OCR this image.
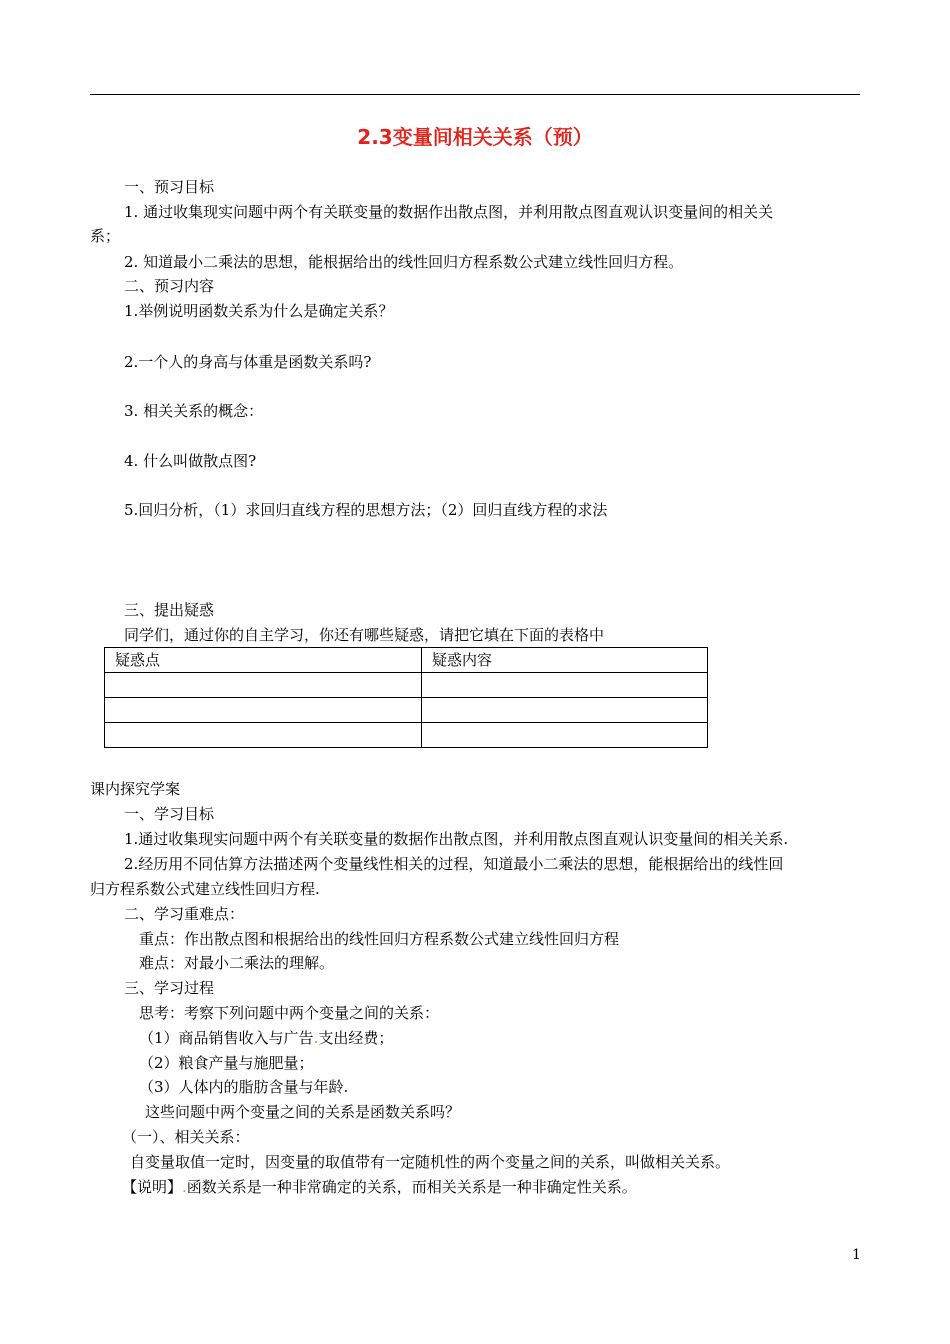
2.3变量间相关关系（预）
一、预习目标
1. 通过收集现实问题中两个有关联变量的数据作出散点图，并利用散点图直观认识变量间的相关关
系；
2. 知道最小二乘法的思想，能根据给出的线性回归方程系数公式建立线性回归方程。
二、预习内容
1.举例说明函数关系为什么是确定关系？
2.一个人的身高与体重是函数关系吗?
3. 相关关系的概念：
4. 什么叫做散点图?
5.回归分析，（1）求回归直线方程的思想方法；（2）回归直线方程的求法
三、提出疑惑
同学们，通过你的自主学习，你还有哪些疑惑，请把它填在下面的表格中
疑惑点	疑惑内容

课内探究学案
一、学习目标
1.通过收集现实问题中两个有关联变量的数据作出散点图，并利用散点图直观认识变量间的相关关系.
2.经历用不同估算方法描述两个变量线性相关的过程，知道最小二乘法的思想，能根据给出的线性回
归方程系数公式建立线性回归方程.
二、学习重难点：
重点：作出散点图和根据给出的线性回归方程系数公式建立线性回归方程
难点：对最小二乘法的理解。
三、学习过程
思考：考察下列问题中两个变量之间的关系：
（1）商品销售收入与广告.支出经费；
（2）粮食产量与施肥量；
（3）人体内的脂肪含量与年龄.
这些问题中两个变量之间的关系是函数关系吗？
（一）、相关关系：
自变量取值一定时，因变量的取值带有一定随机性的两个变量之间的关系，叫做相关关系。
【说明】.函数关系是一种非常确定的关系，而相关关系是一种非确定性关系。
1
